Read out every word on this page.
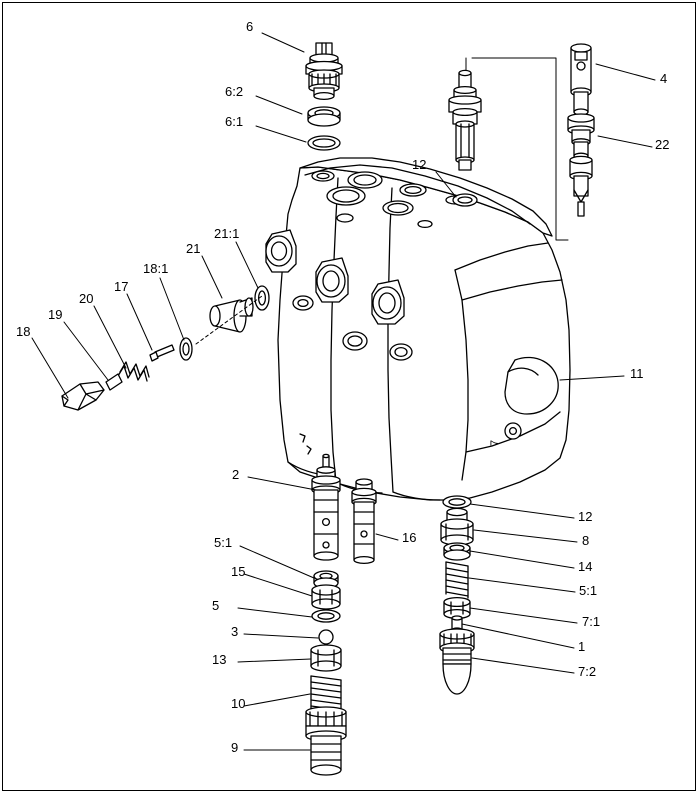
6
6:2
6:1
4
22
12
21:1
21
18:1
17
20
19
18
11
2
12
8
14
16
5:1
15
5
7:1
3
1
13
7:2
10
9
7
5:1
